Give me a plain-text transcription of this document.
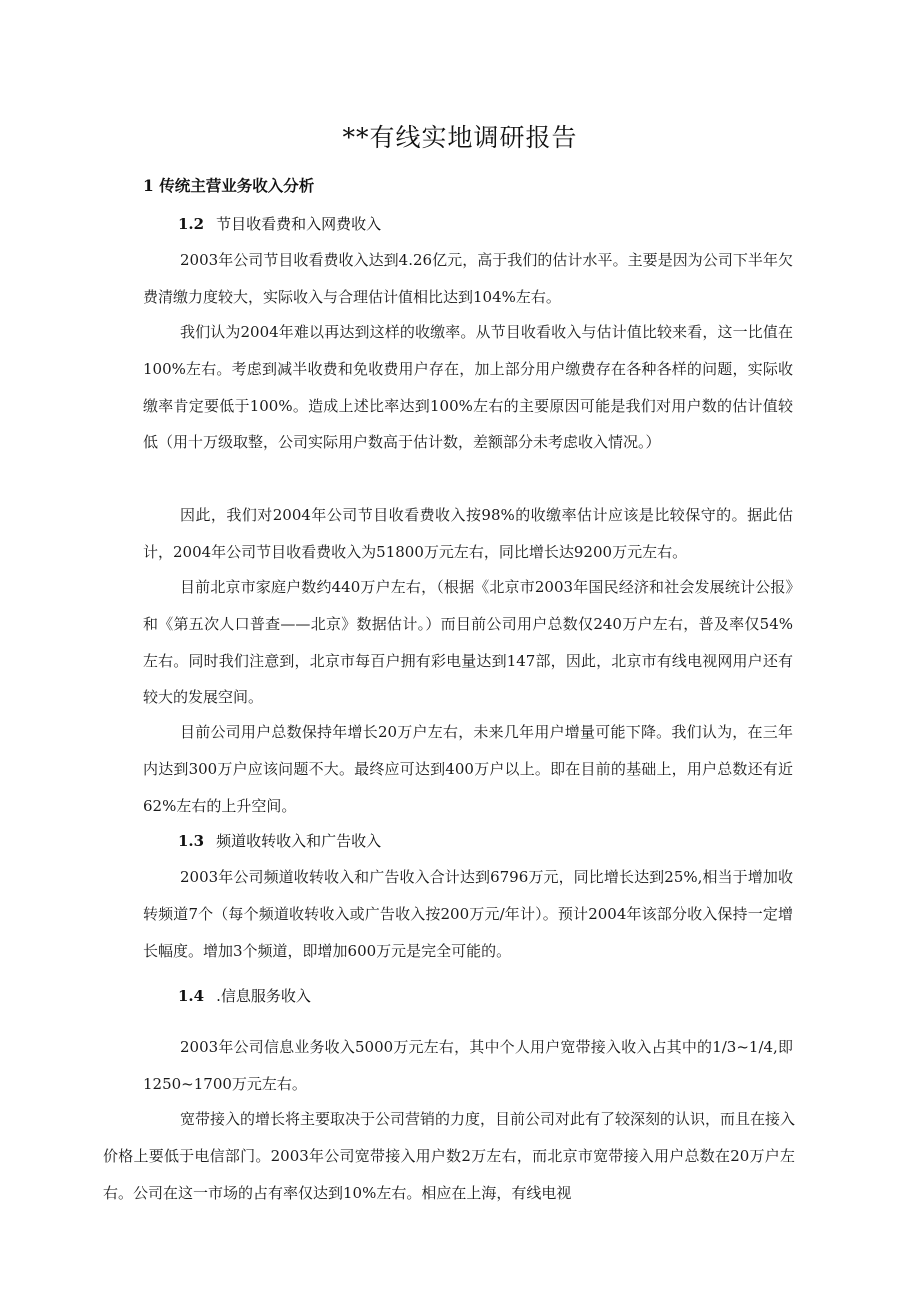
**有线实地调研报告
1 传统主营业务收入分析
1.2 节目收看费和入网费收入

2003年公司节目收看费收入达到4.26亿元，高于我们的估计水平。主要是因为公司下半年欠费清缴力度较大，实际收入与合理估计值相比达到104%左右。

我们认为2004年难以再达到这样的收缴率。从节目收看收入与估计值比较来看，这一比值在100%左右。考虑到减半收费和免收费用户存在，加上部分用户缴费存在各种各样的问题，实际收缴率肯定要低于100%。造成上述比率达到100%左右的主要原因可能是我们对用户数的估计值较低（用十万级取整，公司实际用户数高于估计数，差额部分未考虑收入情况。）

因此，我们对2004年公司节目收看费收入按98%的收缴率估计应该是比较保守的。据此估计，2004年公司节目收看费收入为51800万元左右，同比增长达9200万元左右。

目前北京市家庭户数约440万户左右，（根据《北京市2003年国民经济和社会发展统计公报》和《第五次人口普查——北京》数据估计。）而目前公司用户总数仅240万户左右，普及率仅54%左右。同时我们注意到，北京市每百户拥有彩电量达到147部，因此，北京市有线电视网用户还有较大的发展空间。

目前公司用户总数保持年增长20万户左右，未来几年用户增量可能下降。我们认为，在三年内达到300万户应该问题不大。最终应可达到400万户以上。即在目前的基础上，用户总数还有近62%左右的上升空间。

1.3 频道收转收入和广告收入

2003年公司频道收转收入和广告收入合计达到6796万元，同比增长达到25%,相当于增加收转频道7个（每个频道收转收入或广告收入按200万元/年计）。预计2004年该部分收入保持一定增长幅度。增加3个频道，即增加600万元是完全可能的。

1.4 .信息服务收入

2003年公司信息业务收入5000万元左右，其中个人用户宽带接入收入占其中的1/3~1/4,即1250~1700万元左右。

宽带接入的增长将主要取决于公司营销的力度，目前公司对此有了较深刻的认识，而且在接入价格上要低于电信部门。2003年公司宽带接入用户数2万左右，而北京市宽带接入用户总数在20万户左右。公司在这一市场的占有率仅达到10%左右。相应在上海，有线电视
